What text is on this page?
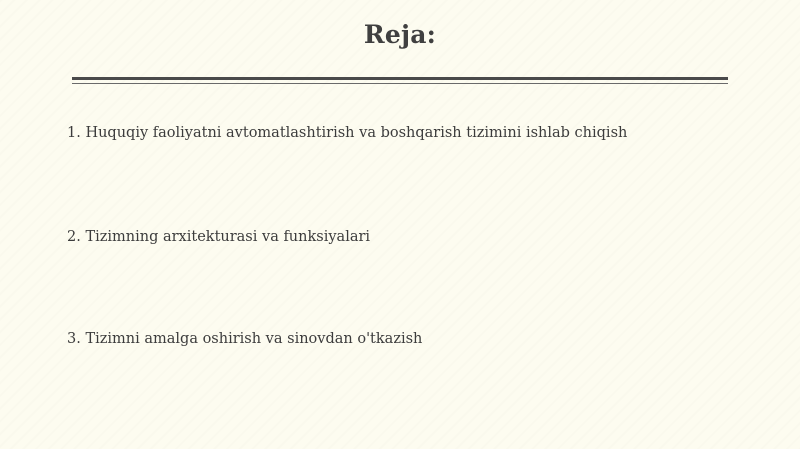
Reja:
1. Huquqiy faoliyatni avtomatlashtirish va boshqarish tizimini ishlab chiqish
2. Tizimning arxitekturasi va funksiyalari
3. Tizimni amalga oshirish va sinovdan o'tkazish
